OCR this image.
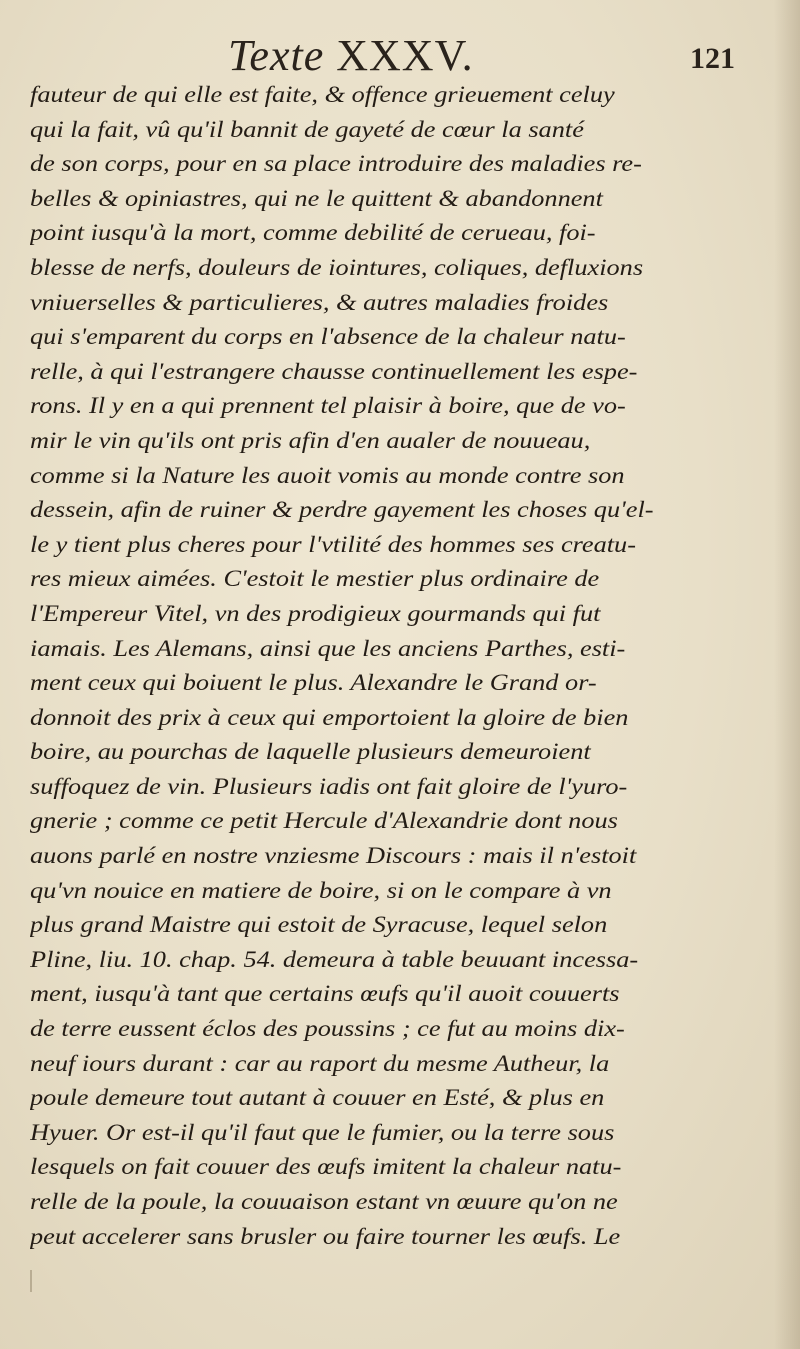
Texte XXXV.	121
fauteur de qui elle est faite, & offence grieuement celuy
qui la fait, vû qu'il bannit de gayeté de cœur la santé
de son corps, pour en sa place introduire des maladies re-
belles & opiniastres, qui ne le quittent & abandonnent
point iusqu'à la mort, comme debilité de cerueau, foi-
blesse de nerfs, douleurs de iointures, coliques, defluxions
vniuerselles & particulieres, & autres maladies froides
qui s'emparent du corps en l'absence de la chaleur natu-
relle, à qui l'estrangere chausse continuellement les espe-
rons. Il y en a qui prennent tel plaisir à boire, que de vo-
mir le vin qu'ils ont pris afin d'en aualer de nouueau,
comme si la Nature les auoit vomis au monde contre son
dessein, afin de ruiner & perdre gayement les choses qu'el-
le y tient plus cheres pour l'vtilité des hommes ses creatu-
res mieux aimées. C'estoit le mestier plus ordinaire de
l'Empereur Vitel, vn des prodigieux gourmands qui fut
iamais. Les Alemans, ainsi que les anciens Parthes, esti-
ment ceux qui boiuent le plus. Alexandre le Grand or-
donnoit des prix à ceux qui emportoient la gloire de bien
boire, au pourchas de laquelle plusieurs demeuroient
suffoquez de vin. Plusieurs iadis ont fait gloire de l'yuro-
gnerie ; comme ce petit Hercule d'Alexandrie dont nous
auons parlé en nostre vnziesme Discours : mais il n'estoit
qu'vn nouice en matiere de boire, si on le compare à vn
plus grand Maistre qui estoit de Syracuse, lequel selon
Pline, liu. 10. chap. 54. demeura à table beuuant incessa-
ment, iusqu'à tant que certains œufs qu'il auoit couuerts
de terre eussent éclos des poussins ; ce fut au moins dix-
neuf iours durant : car au raport du mesme Autheur, la
poule demeure tout autant à couuer en Esté, & plus en
Hyuer. Or est-il qu'il faut que le fumier, ou la terre sous
lesquels on fait couuer des œufs imitent la chaleur natu-
relle de la poule, la couuaison estant vn œuure qu'on ne
peut accelerer sans brusler ou faire tourner les œufs. Le
